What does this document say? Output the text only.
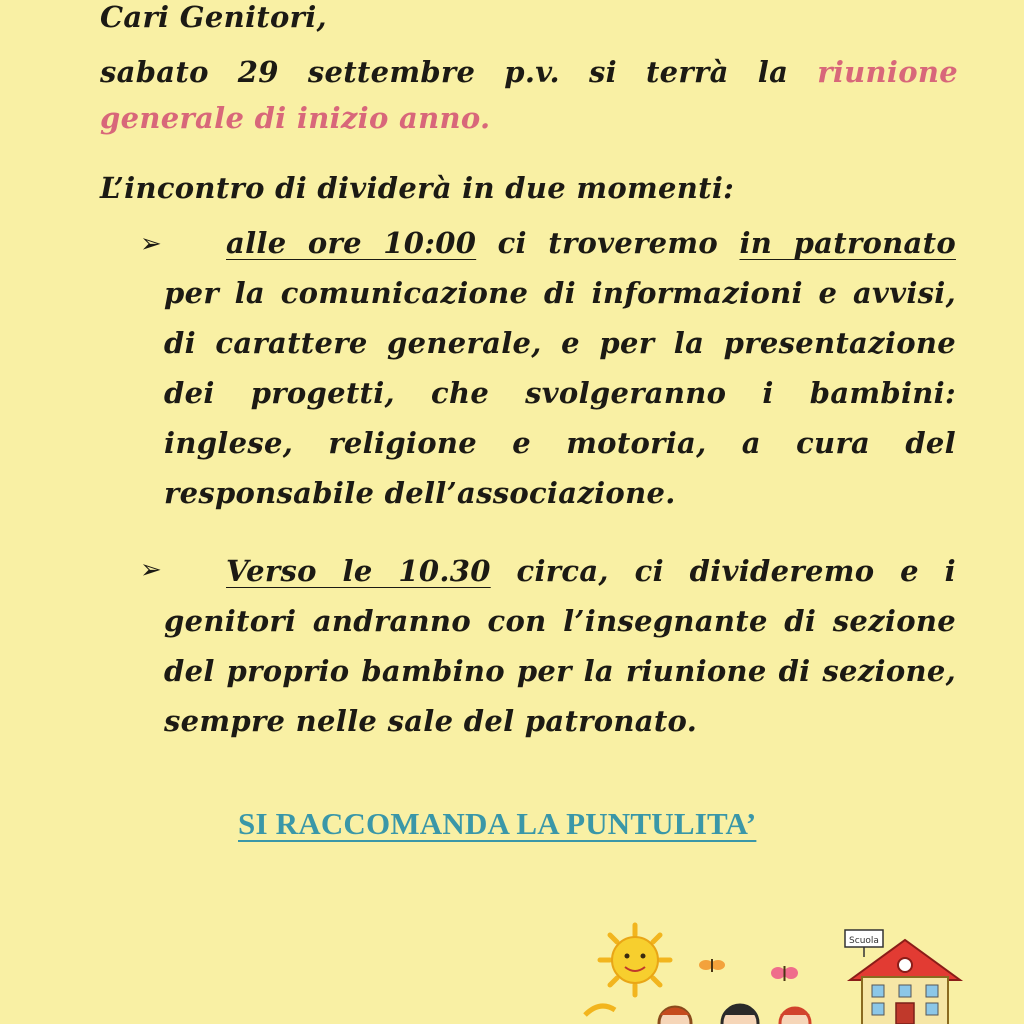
Cari Genitori,
sabato 29 settembre p.v. si terrà la riunione
generale di inizio anno.
L’incontro di dividerà in due momenti:
➢	alle ore 10:00 ci troveremo in patronato
per la comunicazione di informazioni e avvisi,
di carattere generale, e per la presentazione
dei progetti, che svolgeranno i bambini:
inglese, religione e motoria, a cura del
responsabile dell’associazione.
➢	Verso le 10.30 circa, ci divideremo e i
genitori andranno con l’insegnante di sezione
del proprio bambino per la riunione di sezione,
sempre nelle sale del patronato.
SI RACCOMANDA LA PUNTULITA’
Scuola
